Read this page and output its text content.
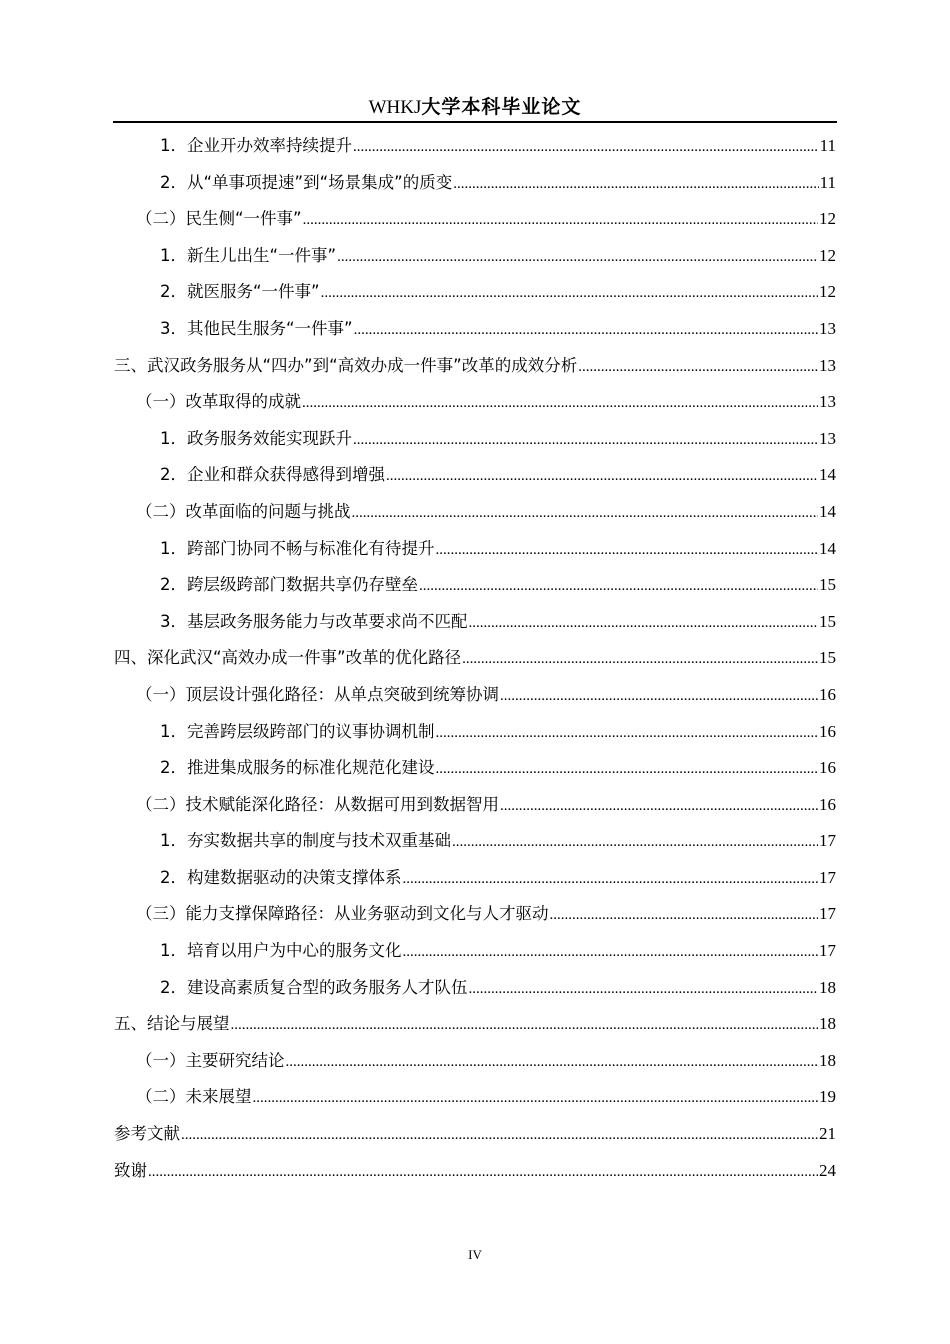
WHKJ大学本科毕业论文
1．企业开办效率持续提升 .....	11
2．从“单事项提速”到“场景集成”的质变 .....	11
（二）民生侧“一件事” .....	12
1．新生儿出生“一件事” .....	12
2．就医服务“一件事” .....	12
3．其他民生服务“一件事” .....	13
三、武汉政务服务从“四办”到“高效办成一件事”改革的成效分析 .....	13
（一）改革取得的成就 .....	13
1．政务服务效能实现跃升 .....	13
2．企业和群众获得感得到增强 .....	14
（二）改革面临的问题与挑战 .....	14
1．跨部门协同不畅与标准化有待提升 .....	14
2．跨层级跨部门数据共享仍存壁垒 .....	15
3．基层政务服务能力与改革要求尚不匹配 .....	15
四、深化武汉“高效办成一件事”改革的优化路径 .....	15
（一）顶层设计强化路径：从单点突破到统筹协调 .....	16
1．完善跨层级跨部门的议事协调机制 .....	16
2．推进集成服务的标准化规范化建设 .....	16
（二）技术赋能深化路径：从数据可用到数据智用 .....	16
1．夯实数据共享的制度与技术双重基础 .....	17
2．构建数据驱动的决策支撑体系 .....	17
（三）能力支撑保障路径：从业务驱动到文化与人才驱动 .....	17
1．培育以用户为中心的服务文化 .....	17
2．建设高素质复合型的政务服务人才队伍 .....	18
五、结论与展望 .....	18
（一）主要研究结论 .....	18
（二）未来展望 .....	19
参考文献 .....	21
致谢 .....	24
IV
